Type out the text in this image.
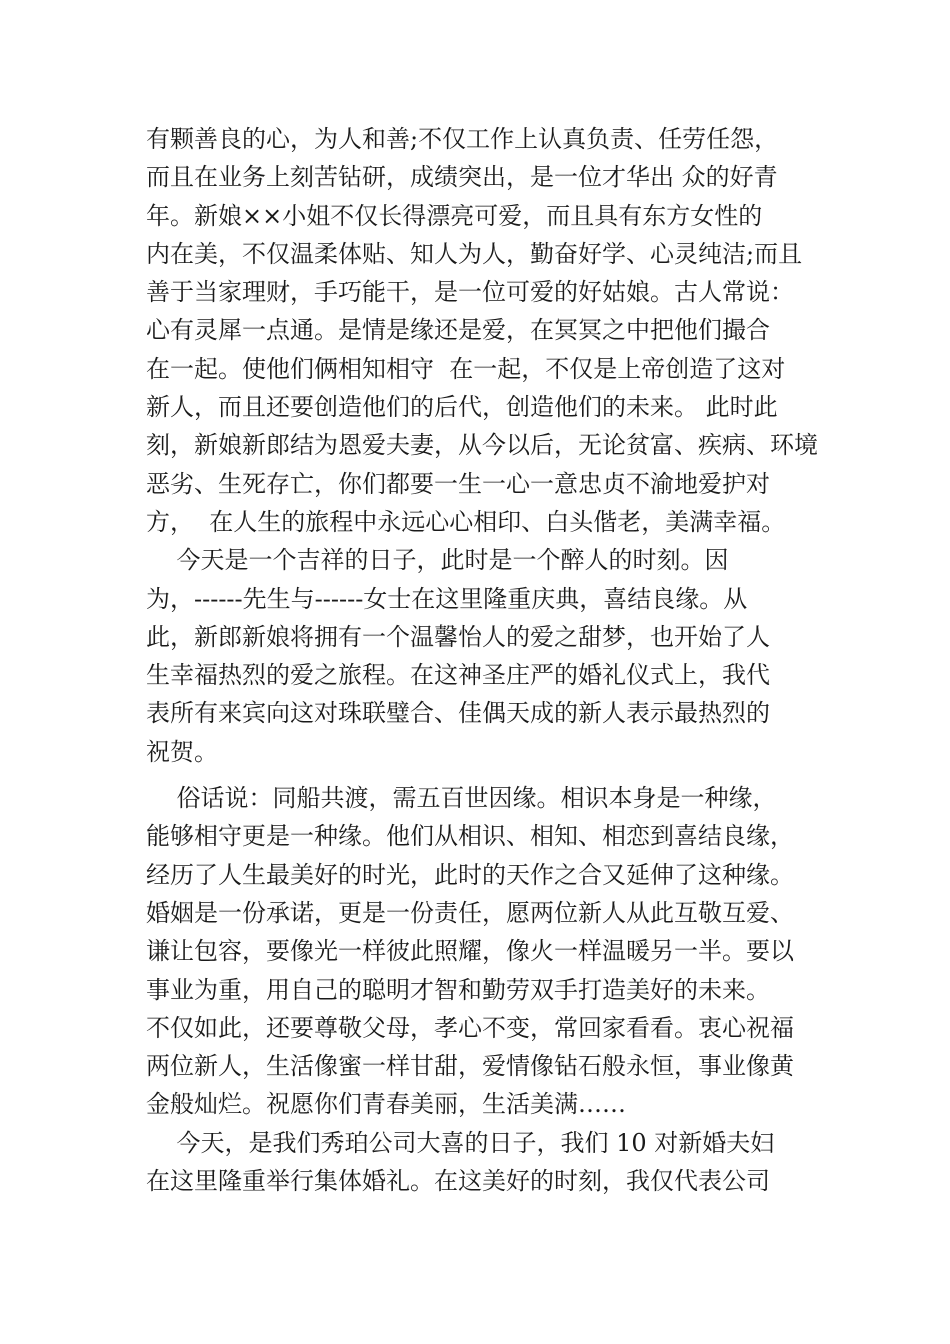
有颗善良的心，为人和善;不仅工作上认真负责、任劳任怨，
而且在业务上刻苦钻研，成绩突出，是一位才华出 众的好青
年。新娘××小姐不仅长得漂亮可爱，而且具有东方女性的
内在美，不仅温柔体贴、知人为人，勤奋好学、心灵纯洁;而且
善于当家理财，手巧能干，是一位可爱的好姑娘。古人常说：
心有灵犀一点通。是情是缘还是爱，在冥冥之中把他们撮合
在一起。使他们俩相知相守  在一起，不仅是上帝创造了这对
新人，而且还要创造他们的后代，创造他们的未来。 此时此
刻，新娘新郎结为恩爱夫妻，从今以后，无论贫富、疾病、环境
恶劣、生死存亡，你们都要一生一心一意忠贞不渝地爱护对
方，  在人生的旅程中永远心心相印、白头偕老，美满幸福。
今天是一个吉祥的日子，此时是一个醉人的时刻。因
为，------先生与------女士在这里隆重庆典，喜结良缘。从
此，新郎新娘将拥有一个温馨怡人的爱之甜梦，也开始了人
生幸福热烈的爱之旅程。在这神圣庄严的婚礼仪式上，我代
表所有来宾向这对珠联璧合、佳偶天成的新人表示最热烈的
祝贺。
俗话说：同船共渡，需五百世因缘。相识本身是一种缘，
能够相守更是一种缘。他们从相识、相知、相恋到喜结良缘，
经历了人生最美好的时光，此时的天作之合又延伸了这种缘。
婚姻是一份承诺，更是一份责任，愿两位新人从此互敬互爱、
谦让包容，要像光一样彼此照耀，像火一样温暖另一半。要以
事业为重，用自己的聪明才智和勤劳双手打造美好的未来。
不仅如此，还要尊敬父母，孝心不变，常回家看看。衷心祝福
两位新人，生活像蜜一样甘甜，爱情像钻石般永恒，事业像黄
金般灿烂。祝愿你们青春美丽，生活美满……
今天，是我们秀珀公司大喜的日子，我们 10 对新婚夫妇
在这里隆重举行集体婚礼。在这美好的时刻，我仅代表公司
